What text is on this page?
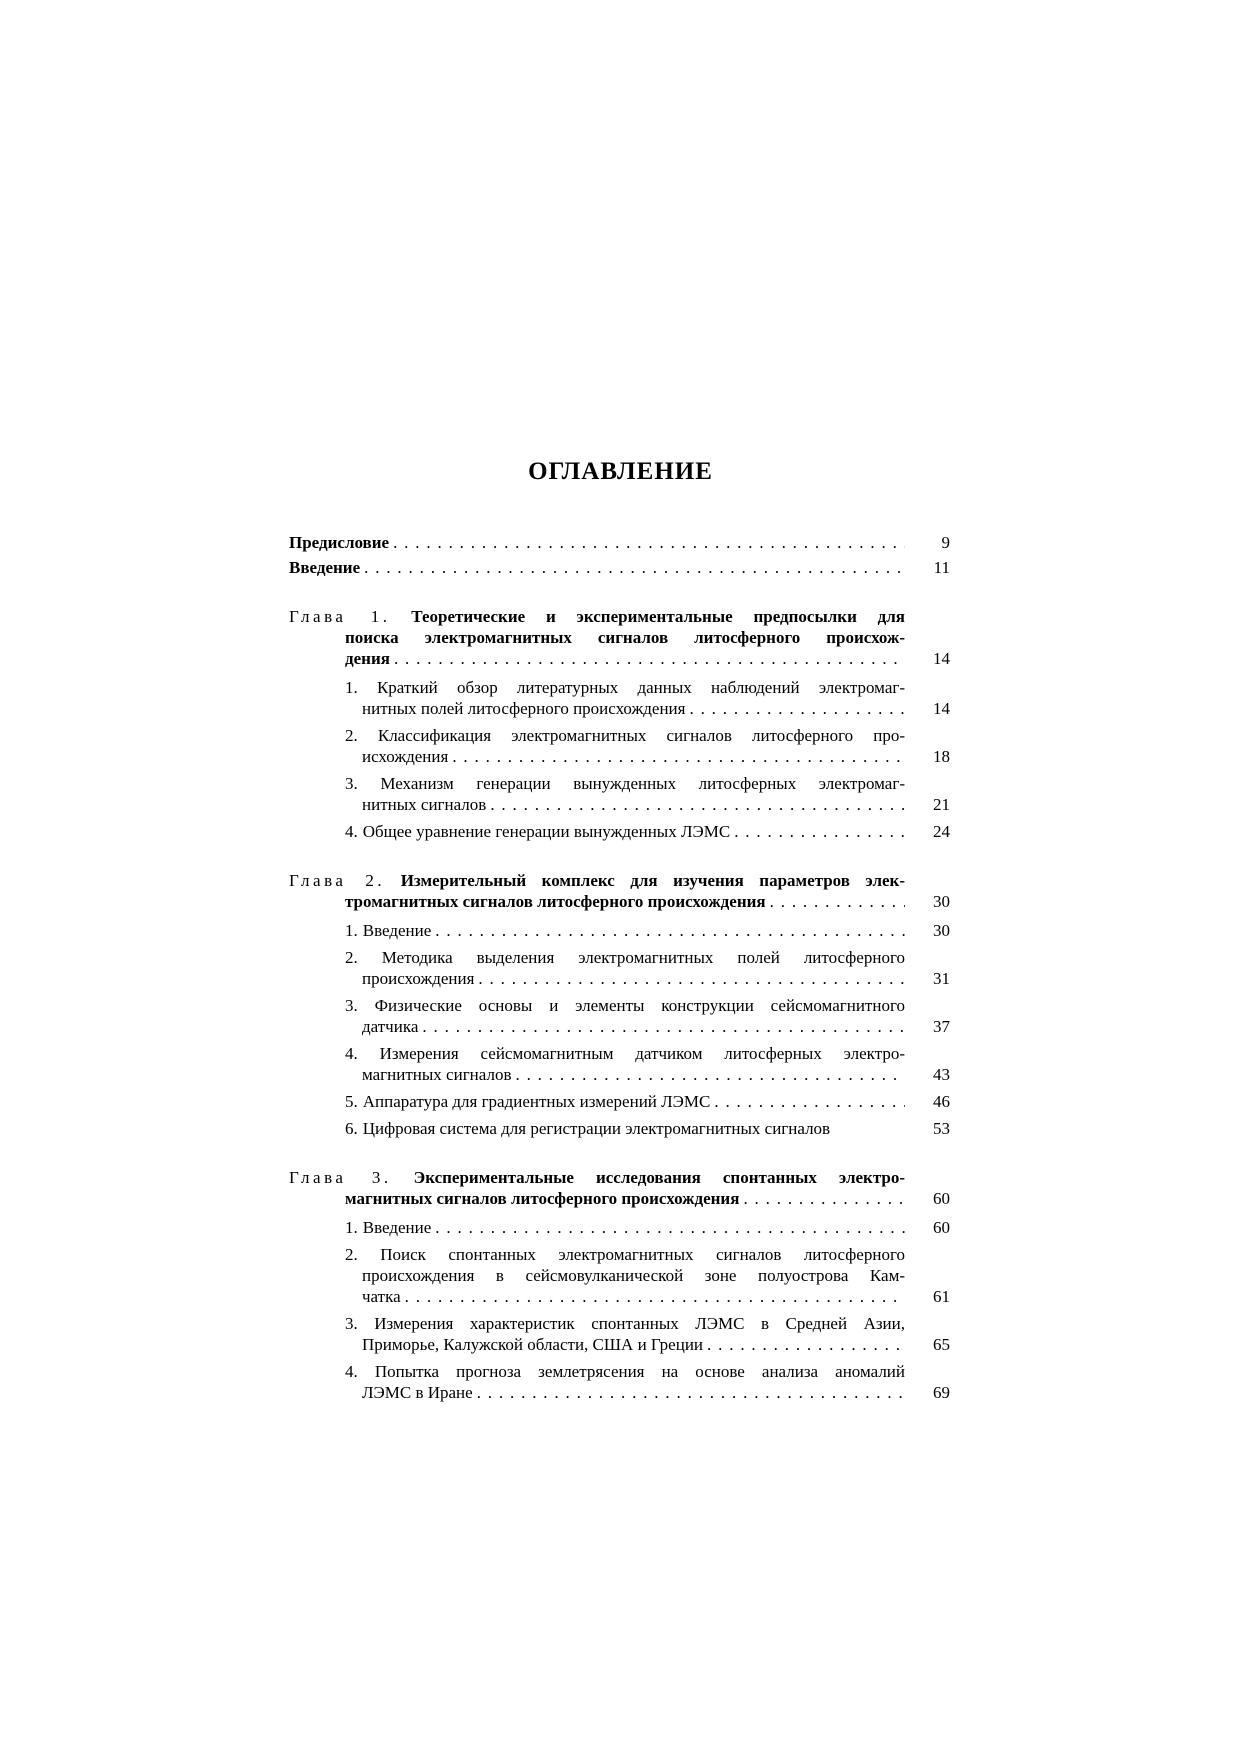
ОГЛАВЛЕНИЕ
Предисловие . . .	9
Введение . . .	11
Глава 1. Теоретические и экспериментальные предпосылки для
поиска электромагнитных сигналов литосферного происхож-
дения . . .	14
1. Краткий обзор литературных данных наблюдений электромаг-
нитных полей литосферного происхождения . . .	14
2. Классификация электромагнитных сигналов литосферного про-
исхождения . . .	18
3. Механизм генерации вынужденных литосферных электромаг-
нитных сигналов . . .	21
4. Общее уравнение генерации вынужденных ЛЭМС . . .	24
Глава 2. Измерительный комплекс для изучения параметров элек-
тромагнитных сигналов литосферного происхождения . . .	30
1. Введение . . .	30
2. Методика выделения электромагнитных полей литосферного
происхождения . . .	31
3. Физические основы и элементы конструкции сейсмомагнитного
датчика . . .	37
4. Измерения сейсмомагнитным датчиком литосферных электро-
магнитных сигналов . . .	43
5. Аппаратура для градиентных измерений ЛЭМС . . .	46
6. Цифровая система для регистрации электромагнитных сигналов	53
Глава 3. Экспериментальные исследования спонтанных электро-
магнитных сигналов литосферного происхождения . . .	60
1. Введение . . .	60
2. Поиск спонтанных электромагнитных сигналов литосферного
происхождения в сейсмовулканической зоне полуострова Кам-
чатка . . .	61
3. Измерения характеристик спонтанных ЛЭМС в Средней Азии,
Приморье, Калужской области, США и Греции . . .	65
4. Попытка прогноза землетрясения на основе анализа аномалий
ЛЭМС в Иране . . .	69
